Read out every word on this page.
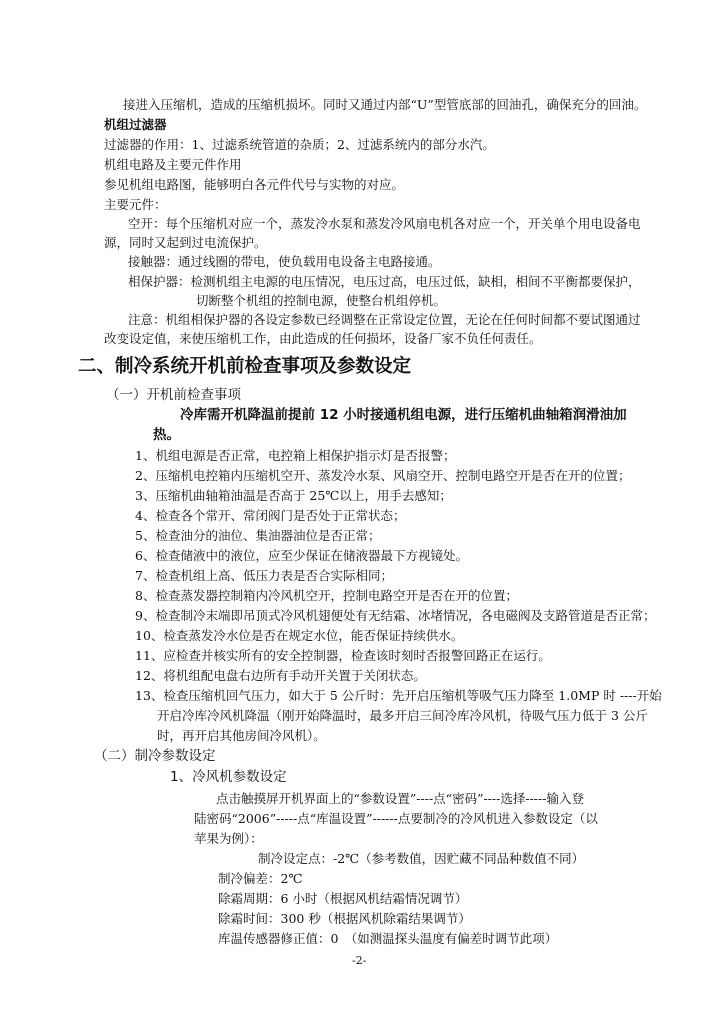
接进入压缩机，造成的压缩机损坏。同时又通过内部“U”型管底部的回油孔，确保充分的回油。
机组过滤器
过滤器的作用：1、过滤系统管道的杂质；2、过滤系统内的部分水汽。
机组电路及主要元件作用
参见机组电路图，能够明白各元件代号与实物的对应。
主要元件：
空开：每个压缩机对应一个，蒸发冷水泵和蒸发冷风扇电机各对应一个，开关单个用电设备电
源，同时又起到过电流保护。
接触器：通过线圈的带电，使负载用电设备主电路接通。
相保护器：检测机组主电源的电压情况，电压过高，电压过低，缺相，相间不平衡都要保护，
切断整个机组的控制电源，使整台机组停机。
注意：机组相保护器的各设定参数已经调整在正常设定位置，无论在任何时间都不要试图通过
改变设定值，来使压缩机工作，由此造成的任何损坏，设备厂家不负任何责任。
二、制冷系统开机前检查事项及参数设定
（一）开机前检查事项
冷库需开机降温前提前 12 小时接通机组电源，进行压缩机曲轴箱润滑油加
热。
1、机组电源是否正常，电控箱上相保护指示灯是否报警；
2、压缩机电控箱内压缩机空开、蒸发冷水泵、风扇空开、控制电路空开是否在开的位置；
3、压缩机曲轴箱油温是否高于 25℃以上，用手去感知；
4、检查各个常开、常闭阀门是否处于正常状态；
5、检查油分的油位、集油器油位是否正常；
6、检查储液中的液位，应至少保证在储液器最下方视镜处。
7、检查机组上高、低压力表是否合实际相同；
8、检查蒸发器控制箱内冷风机空开，控制电路空开是否在开的位置；
9、检查制冷末端即吊顶式冷风机翅便处有无结霜、冰堵情况，各电磁阀及支路管道是否正常；
10、检查蒸发冷水位是否在规定水位，能否保证持续供水。
11、应检查并核实所有的安全控制器，检查该时刻时否报警回路正在运行。
12、将机组配电盘右边所有手动开关置于关闭状态。
13、检查压缩机回气压力，如大于 5 公斤时：先开启压缩机等吸气压力降至 1.0MP 时 ----开始
开启冷库冷风机降温（刚开始降温时，最多开启三间冷库冷风机，待吸气压力低于 3 公斤
时，再开启其他房间冷风机）。
（二）制冷参数设定
1、冷风机参数设定
点击触摸屏开机界面上的“参数设置”----点“密码”----选择-----输入登
陆密码“2006”-----点“库温设置”------点要制冷的冷风机进入参数设定（以
苹果为例）：
制冷设定点：-2℃（参考数值，因贮藏不同品种数值不同）
制冷偏差：2℃
除霜周期：6 小时（根据风机结霜情况调节）
除霜时间：300 秒（根据风机除霜结果调节）
库温传感器修正值：0　（如测温探头温度有偏差时调节此项）
-2-
